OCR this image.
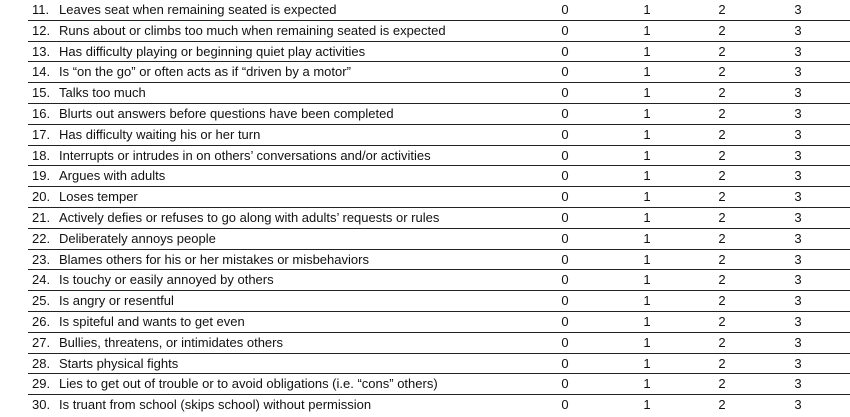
11. Leaves seat when remaining seated is expected	0	1	2	3
12. Runs about or climbs too much when remaining seated is expected	0	1	2	3
13. Has difficulty playing or beginning quiet play activities	0	1	2	3
14. Is “on the go” or often acts as if “driven by a motor”	0	1	2	3
15. Talks too much	0	1	2	3
16. Blurts out answers before questions have been completed	0	1	2	3
17. Has difficulty waiting his or her turn	0	1	2	3
18. Interrupts or intrudes in on others’ conversations and/or activities	0	1	2	3
19. Argues with adults	0	1	2	3
20. Loses temper	0	1	2	3
21. Actively defies or refuses to go along with adults’ requests or rules	0	1	2	3
22. Deliberately annoys people	0	1	2	3
23. Blames others for his or her mistakes or misbehaviors	0	1	2	3
24. Is touchy or easily annoyed by others	0	1	2	3
25. Is angry or resentful	0	1	2	3
26. Is spiteful and wants to get even	0	1	2	3
27. Bullies, threatens, or intimidates others	0	1	2	3
28. Starts physical fights	0	1	2	3
29. Lies to get out of trouble or to avoid obligations (i.e. “cons” others)	0	1	2	3
30. Is truant from school (skips school) without permission	0	1	2	3
